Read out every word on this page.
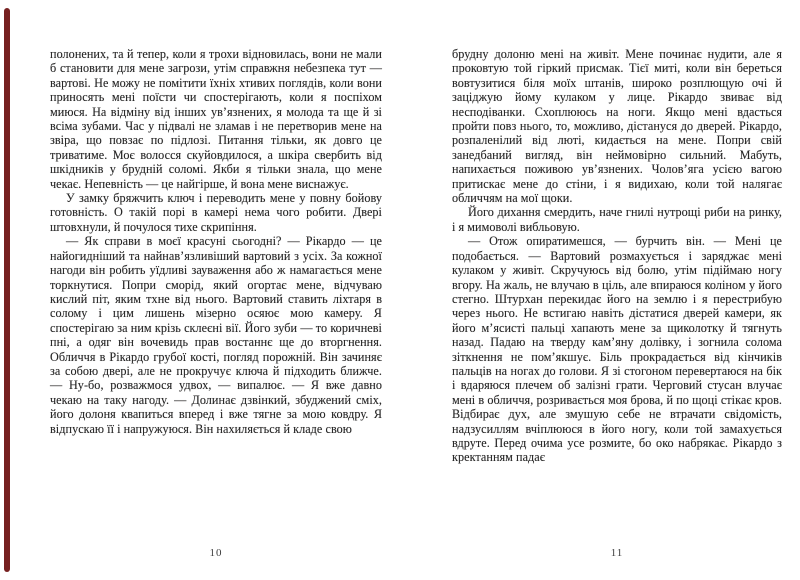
полонених, та й тепер, коли я трохи відновилась, вони не мали б становити для мене загрози, утім справжня небезпека тут — вартові. Не можу не помітити їхніх хтивих поглядів, коли вони приносять мені поїсти чи спостерігають, коли я поспіхом миюся. На відміну від інших ув’язнених, я молода та ще й зі всіма зубами. Час у підвалі не зламав і не перетворив мене на звіра, що повзає по підлозі. Питання тільки, як довго це триватиме. Моє волосся скуйовдилося, а шкіра свербить від шкідників у брудній соломі. Якби я тільки знала, що мене чекає. Непевність — це найгірше, й вона мене виснажує.

У замку бряжчить ключ і переводить мене у повну бойову готовність. О такій порі в камері нема чого робити. Двері штовхнули, й почулося тихе скрипіння.

— Як справи в моєї красуні сьогодні? — Рікардо — це найогидніший та найнав’язливіший вартовий з усіх. За кожної нагоди він робить уїдливі зауваження або ж намагається мене торкнутися. Попри сморід, який огортає мене, відчуваю кислий піт, яким тхне від нього. Вартовий ставить ліхтаря в солому і цим лишень мізерно осяює мою камеру. Я спостерігаю за ним крізь склеєні вії. Його зуби — то коричневі пні, а одяг він вочевидь прав востаннє ще до вторгнення. Обличчя в Рікардо грубої кості, погляд порожній. Він зачиняє за собою двері, але не прокручує ключа й підходить ближче. — Ну-бо, розважмося удвох, — випалює. — Я вже давно чекаю на таку нагоду. — Долинає дзвінкий, збуджений сміх, його долоня квапиться вперед і вже тягне за мою ковдру. Я відпускаю її і напружуюся. Він нахиляється й кладе свою

брудну долоню мені на живіт. Мене починає нудити, але я проковтую той гіркий присмак. Тієї миті, коли він береться вовтузитися біля моїх штанів, широко розплющую очі й заціджую йому кулаком у лице. Рікардо звиває від несподіванки. Схоплююсь на ноги. Якщо мені вдасться пройти повз нього, то, можливо, дістануся до дверей. Рікардо, розпаленілий від люті, кидається на мене. Попри свій занедбаний вигляд, він неймовірно сильний. Мабуть, напихається поживою ув’язнених. Чолов’яга усією вагою притискає мене до стіни, і я видихаю, коли той налягає обличчям на мої щоки.

Його дихання смердить, наче гнилі нутрощі риби на ринку, і я мимоволі вибльовую.

— Отож опиратимешся, — бурчить він. — Мені це подобається. — Вартовий розмахується і заряджає мені кулаком у живіт. Скручуюсь від болю, утім підіймаю ногу вгору. На жаль, не влучаю в ціль, але впираюся коліном у його стегно. Штурхан перекидає його на землю і я перестрибую через нього. Не встигаю навіть дістатися дверей камери, як його м’ясисті пальці хапають мене за щиколотку й тягнуть назад. Падаю на тверду кам’яну долівку, і зогнила солома зіткнення не пом’якшує. Біль прокрадається від кінчиків пальців на ногах до голови. Я зі стогоном перевертаюся на бік і вдаряюся плечем об залізні грати. Черговий стусан влучає мені в обличчя, розривається моя брова, й по щоці стікає кров. Відбирає дух, але змушую себе не втрачати свідомість, надзусиллям вчіплююся в його ногу, коли той замахується вдруте. Перед очима усе розмите, бо око набрякає. Рікардо з кректанням падає

10	11
